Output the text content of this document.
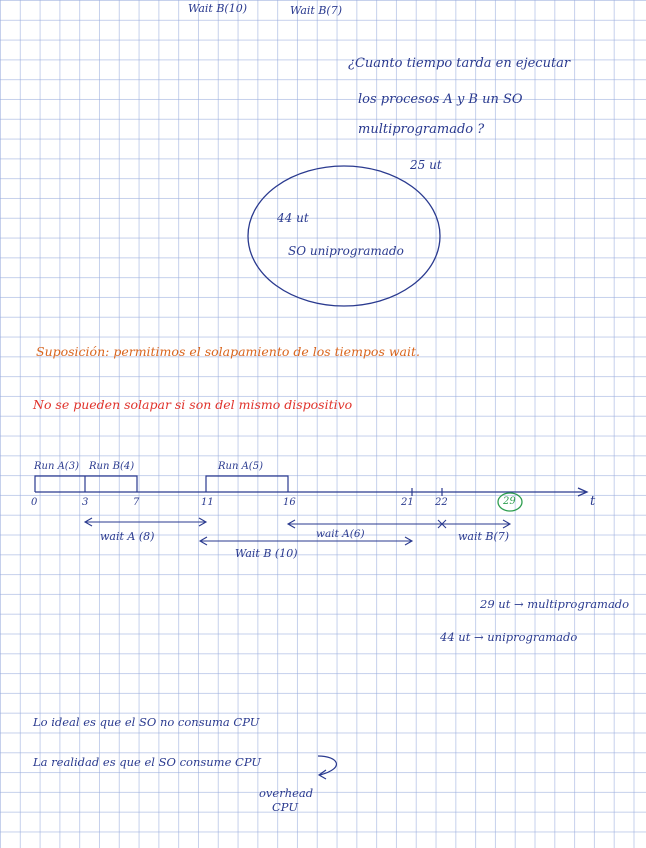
Wait B(10)	Wait B(7)
¿Cuanto tiempo tarda en ejecutar
los procesos A y B un SO
multiprogramado ?
25 ut
44 ut
SO uniprogramado
Suposición: permitimos el solapamiento de los tiempos wait.
No se pueden solapar si son del mismo dispositivo
Run A(3) Run B(4)	Run A(5)
0	3	7	11	16	21 22	29	t
wait A (8)
Wait B (10)
wait A(6)	wait B(7)
29 ut → multiprogramado
44 ut → uniprogramado
Lo ideal es que el SO no consuma CPU
La realidad es que el SO consume CPU
overhead
CPU
